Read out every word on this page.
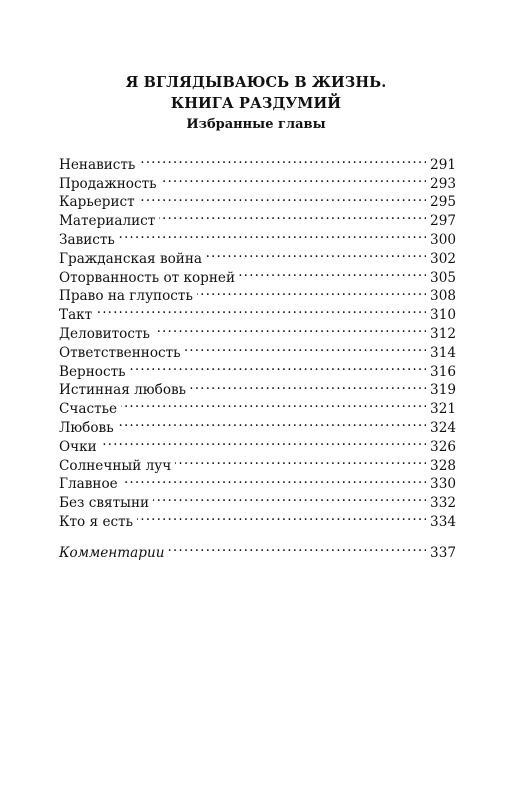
Я ВГЛЯДЫВАЮСЬ В ЖИЗНЬ.
КНИГА РАЗДУМИЙ
Избранные главы
Ненависть . . .	291
Продажность . . .	293
Карьерист . . .	295
Материалист . . .	297
Зависть . . .	300
Гражданская война . . .	302
Оторванность от корней . . .	305
Право на глупость . . .	308
Такт . . .	310
Деловитость . . .	312
Ответственность . . .	314
Верность . . .	316
Истинная любовь . . .	319
Счастье . . .	321
Любовь . . .	324
Очки . . .	326
Солнечный луч . . .	328
Главное . . .	330
Без святыни . . .	332
Кто я есть . . .	334
Комментарии . . .	337
